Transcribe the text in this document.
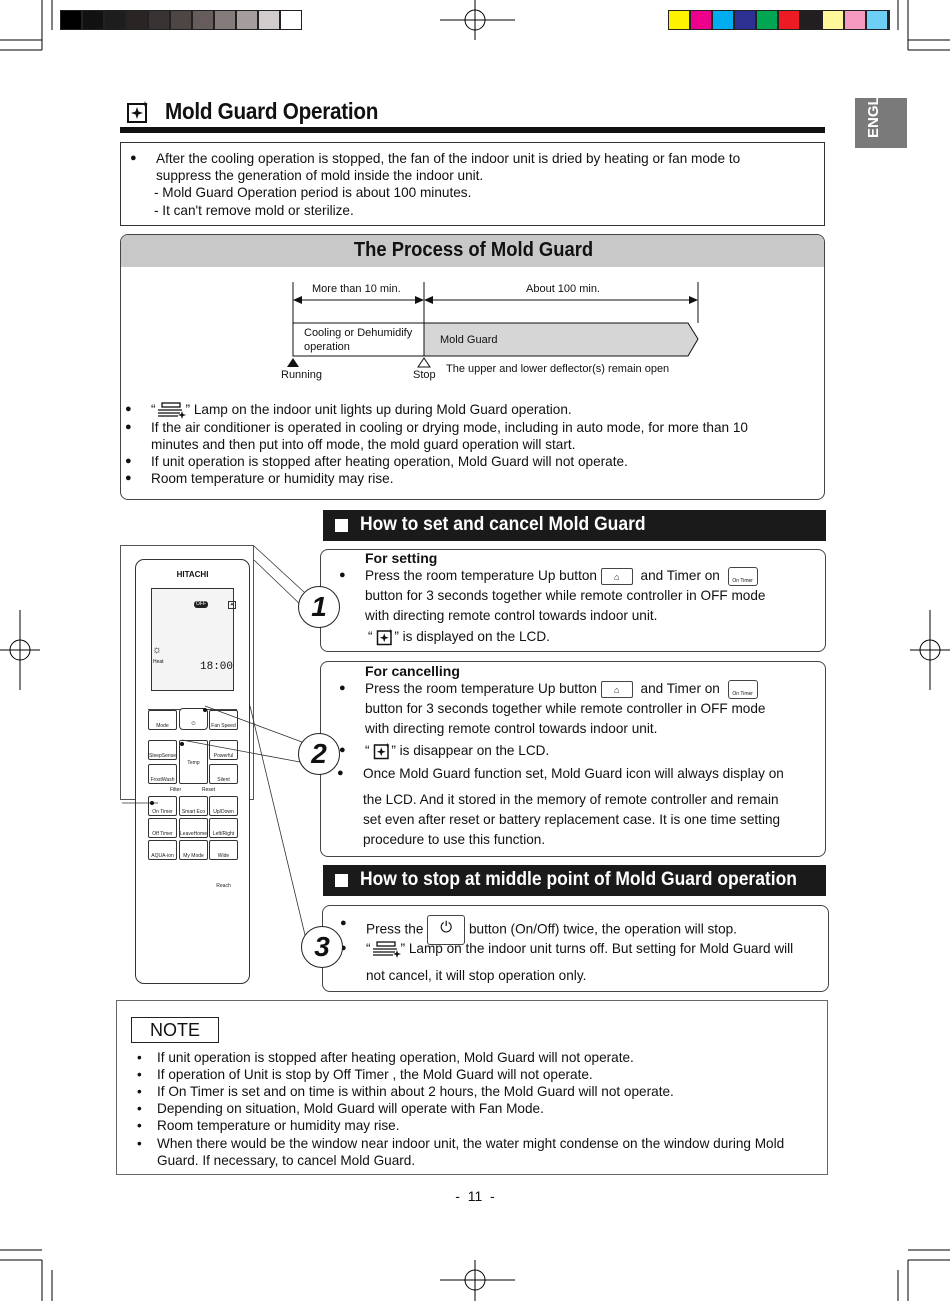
Mold Guard Operation	ENGLISH
● After the cooling operation is stopped, the fan of the indoor unit is dried by heating or fan mode to
suppress the generation of mold inside the indoor unit.
- Mold Guard Operation period is about 100 minutes.
- It can't remove mold or sterilize.
The Process of Mold Guard
More than 10 min.	About 100 min.
Cooling or Dehumidify
operation
Mold Guard
Running	Stop The upper and lower deflector(s) remain open
● “ ” Lamp on the indoor unit lights up during Mold Guard operation.
● If the air conditioner is operated in cooling or drying mode, including in auto mode, for more than 10
minutes and then put into off mode, the mold guard operation will start.
● If unit operation is stopped after heating operation, Mold Guard will not operate.
● Room temperature or humidity may rise.
How to set and cancel Mold Guard
HITACHI
OFF
Heat
☼
18:00
✦
Mode	⏻	Fan Speed
SleepSense
Temp
Powerful
FrostWash	Silent
Filter	Reset
On Timer	Smart Eco	Up/Down
Off Timer	LeaveHome	Left/Right
AQUA-ion	My Mode	Wide Reach
For setting
● Press the room temperature Up button ⌂ and Timer on	On Timer
button for 3 seconds together while remote controller in OFF mode
with directing remote control towards indoor unit.
“ ” is displayed on the LCD.
For cancelling
● Press the room temperature Up button ⌂ and Timer on	On Timer
button for 3 seconds together while remote controller in OFF mode
with directing remote control towards indoor unit.
● “ ” is disappear on the LCD.
● Once Mold Guard function set, Mold Guard icon will always display on
the LCD. And it stored in the memory of remote controller and remain
set even after reset or battery replacement case. It is one time setting
procedure to use this function.
How to stop at middle point of Mold Guard operation
● Press the ⏻ button (On/Off) twice, the operation will stop.
● “ ” Lamp on the indoor unit turns off. But setting for Mold Guard will
not cancel, it will stop operation only.
1
2
3
NOTE
• If unit operation is stopped after heating operation, Mold Guard will not operate.
• If operation of Unit is stop by Off Timer , the Mold Guard will not operate.
• If On Timer is set and on time is within about 2 hours, the Mold Guard will not operate.
• Depending on situation, Mold Guard will operate with Fan Mode.
• Room temperature or humidity may rise.
• When there would be the window near indoor unit, the water might condense on the window during Mold
Guard. If necessary, to cancel Mold Guard.
-  11  -
